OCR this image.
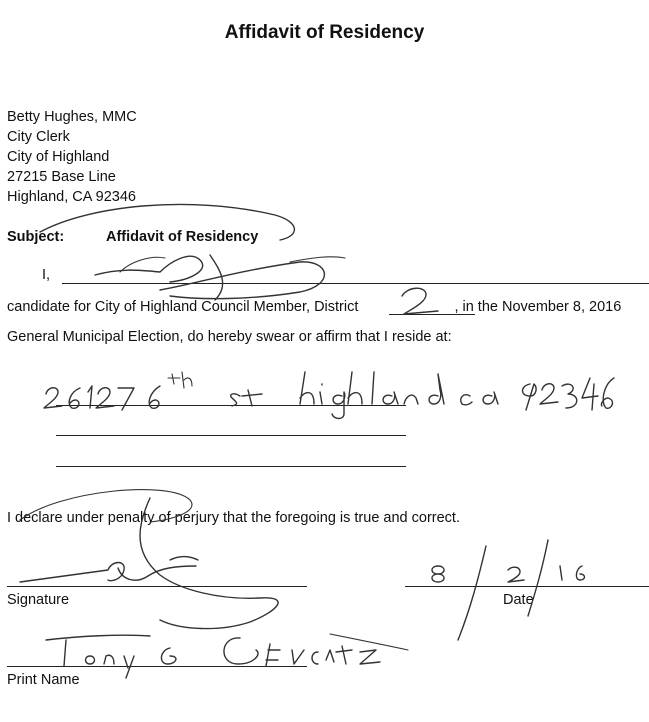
Affidavit of Residency
Betty Hughes, MMC
City Clerk
City of Highland
27215 Base Line
Highland, CA 92346
Subject:	Affidavit of Residency
I,
candidate for City of Highland Council Member, District	, in the November 8, 2016
General Municipal Election, do hereby swear or affirm that I reside at:
I declare under penalty of perjury that the foregoing is true and correct.
Signature	Date
Print Name
